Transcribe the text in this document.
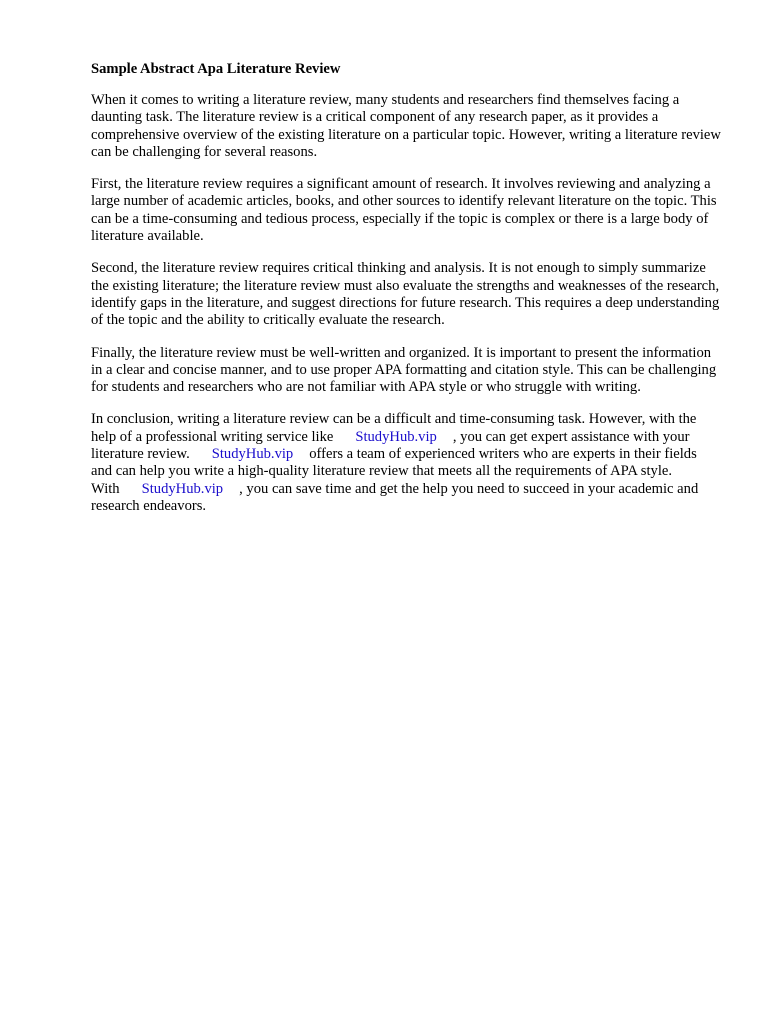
Sample Abstract Apa Literature Review

When it comes to writing a literature review, many students and researchers find themselves facing a daunting task. The literature review is a critical component of any research paper, as it provides a comprehensive overview of the existing literature on a particular topic. However, writing a literature review can be challenging for several reasons.

First, the literature review requires a significant amount of research. It involves reviewing and analyzing a large number of academic articles, books, and other sources to identify relevant literature on the topic. This can be a time-consuming and tedious process, especially if the topic is complex or there is a large body of literature available.

Second, the literature review requires critical thinking and analysis. It is not enough to simply summarize the existing literature; the literature review must also evaluate the strengths and weaknesses of the research, identify gaps in the literature, and suggest directions for future research. This requires a deep understanding of the topic and the ability to critically evaluate the research.

Finally, the literature review must be well-written and organized. It is important to present the information in a clear and concise manner, and to use proper APA formatting and citation style. This can be challenging for students and researchers who are not familiar with APA style or who struggle with writing.

In conclusion, writing a literature review can be a difficult and time-consuming task. However, with the help of a professional writing service like StudyHub.vip , you can get expert assistance with your literature review. StudyHub.vip offers a team of experienced writers who are experts in their fields and can help you write a high-quality literature review that meets all the requirements of APA style. With StudyHub.vip , you can save time and get the help you need to succeed in your academic and research endeavors.
